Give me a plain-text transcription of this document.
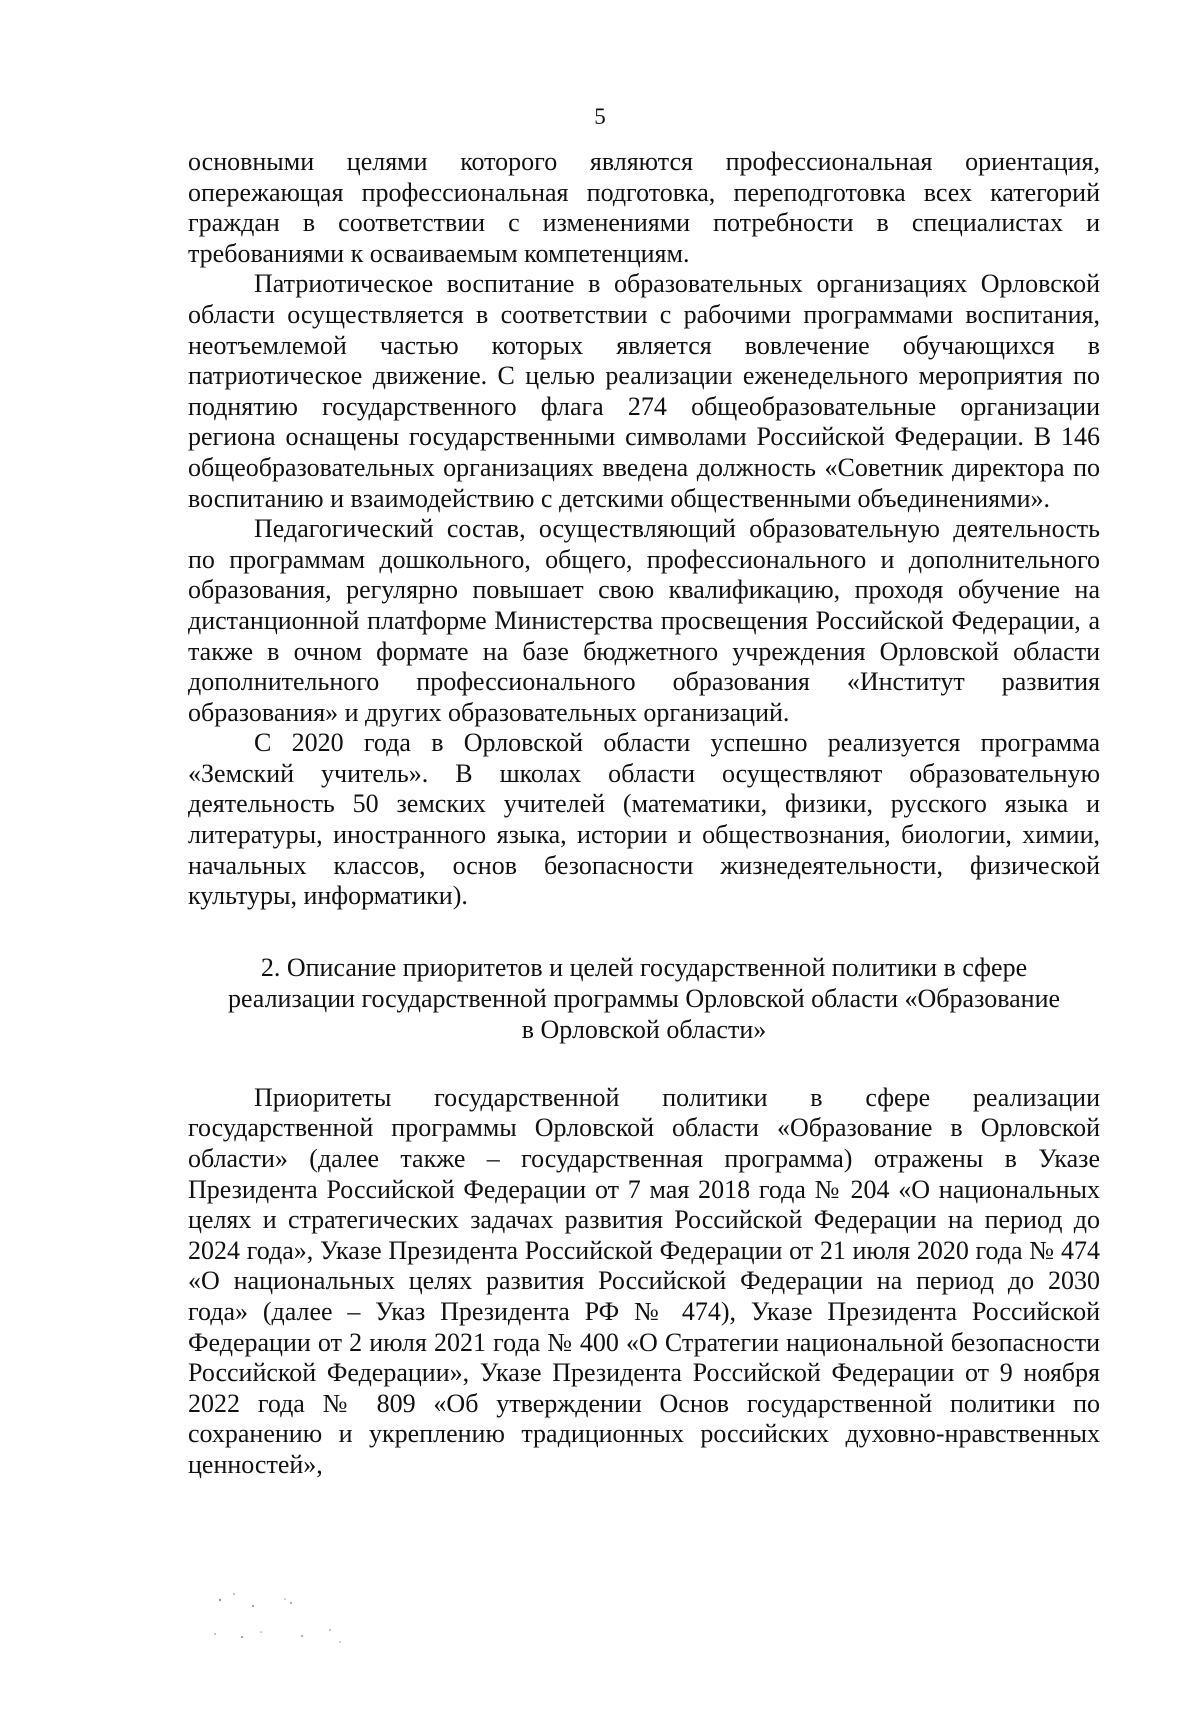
5

основными целями которого являются профессиональная ориентация, опережающая профессиональная подготовка, переподготовка всех категорий граждан в соответствии с изменениями потребности в специалистах и требованиями к осваиваемым компетенциям.

Патриотическое воспитание в образовательных организациях Орловской области осуществляется в соответствии с рабочими программами воспитания, неотъемлемой частью которых является вовлечение обучающихся в патриотическое движение. С целью реализации еженедельного мероприятия по поднятию государственного флага 274 общеобразовательные организации региона оснащены государственными символами Российской Федерации. В 146 общеобразовательных организациях введена должность «Советник директора по воспитанию и взаимодействию с детскими общественными объединениями».

Педагогический состав, осуществляющий образовательную деятельность по программам дошкольного, общего, профессионального и дополнительного образования, регулярно повышает свою квалификацию, проходя обучение на дистанционной платформе Министерства просвещения Российской Федерации, а также в очном формате на базе бюджетного учреждения Орловской области дополнительного профессионального образования «Институт развития образования» и других образовательных организаций.

С 2020 года в Орловской области успешно реализуется программа «Земский учитель». В школах области осуществляют образовательную деятельность 50 земских учителей (математики, физики, русского языка и литературы, иностранного языка, истории и обществознания, биологии, химии, начальных классов, основ безопасности жизнедеятельности, физической культуры, информатики).

2. Описание приоритетов и целей государственной политики в сфере
реализации государственной программы Орловской области «Образование
в Орловской области»

Приоритеты государственной политики в сфере реализации государственной программы Орловской области «Образование в Орловской области» (далее также – государственная программа) отражены в Указе Президента Российской Федерации от 7 мая 2018 года № 204 «О национальных целях и стратегических задачах развития Российской Федерации на период до 2024 года», Указе Президента Российской Федерации от 21 июля 2020 года № 474 «О национальных целях развития Российской Федерации на период до 2030 года» (далее – Указ Президента РФ № 474), Указе Президента Российской Федерации от 2 июля 2021 года № 400 «О Стратегии национальной безопасности Российской Федерации», Указе Президента Российской Федерации от 9 ноября 2022 года № 809 «Об утверждении Основ государственной политики по сохранению и укреплению традиционных российских духовно-нравственных ценностей»,
